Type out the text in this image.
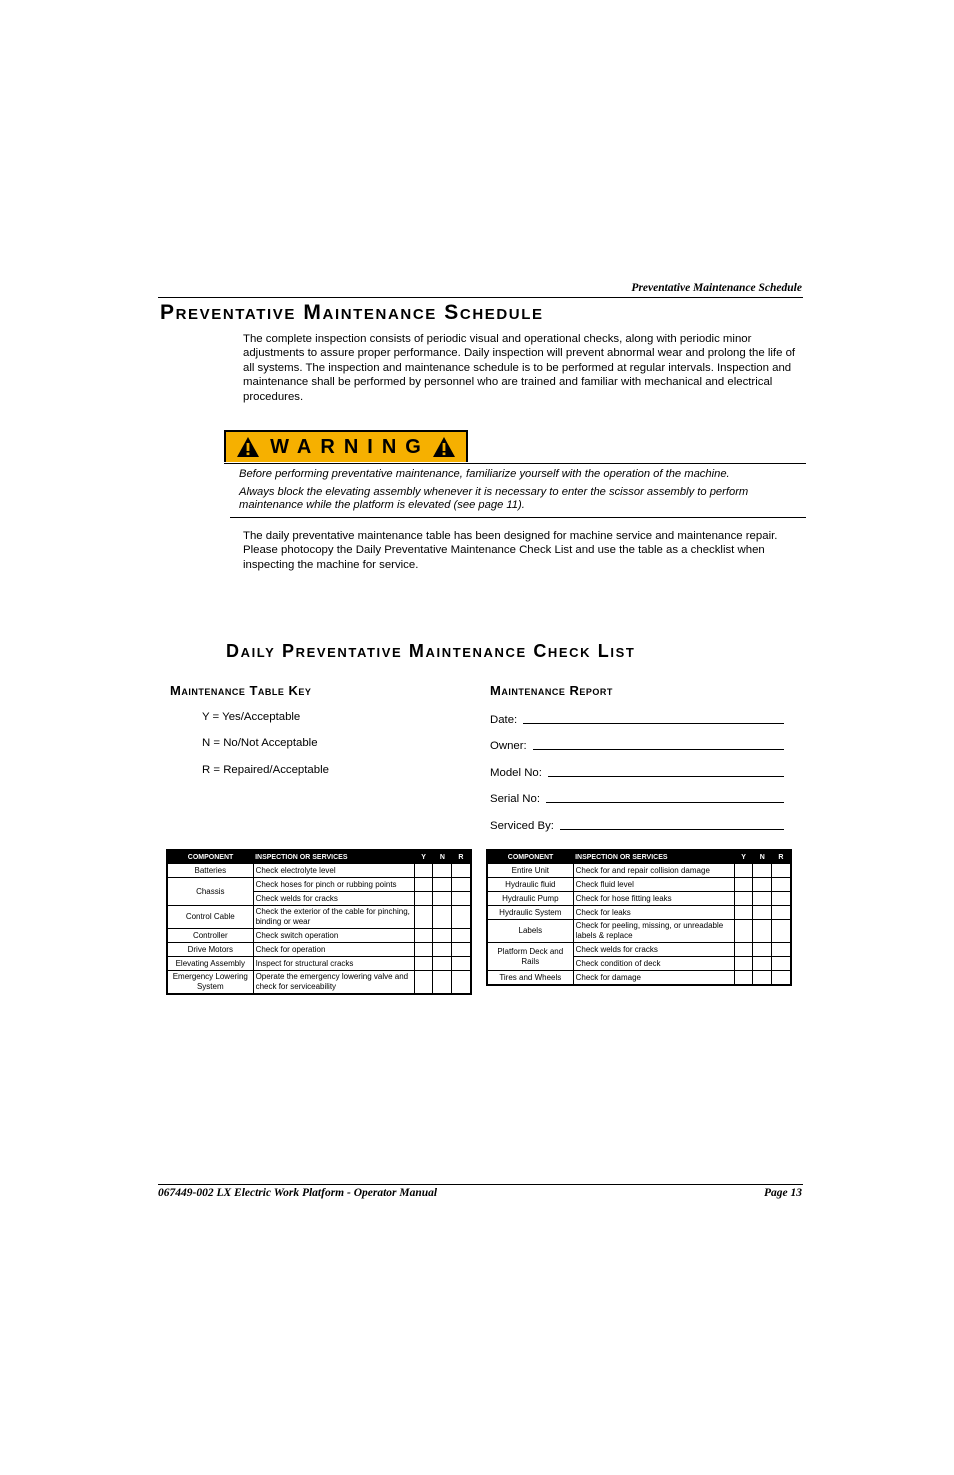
Preventative Maintenance Schedule
Preventative Maintenance Schedule
The complete inspection consists of periodic visual and operational checks, along with periodic minor adjustments to assure proper performance. Daily inspection will prevent abnormal wear and prolong the life of all systems. The inspection and maintenance schedule is to be performed at regular intervals. Inspection and maintenance shall be performed by personnel who are trained and familiar with mechanical and electrical procedures.
WARNING
Before performing preventative maintenance, familiarize yourself with the operation of the machine.
Always block the elevating assembly whenever it is necessary to enter the scissor assembly to perform maintenance while the platform is elevated (see page 11).
The daily preventative maintenance table has been designed for machine service and maintenance repair. Please photocopy the Daily Preventative Maintenance Check List and use the table as a checklist when inspecting the machine for service.
Daily Preventative Maintenance Check List
Maintenance Table Key
Y = Yes/Acceptable
N = No/Not Acceptable
R = Repaired/Acceptable
Maintenance Report
Date:
Owner:
Model No:
Serial No:
Serviced By:
COMPONENT	INSPECTION OR SERVICES	Y	N	R
Batteries	Check electrolyte level			
Chassis	Check hoses for pinch or rubbing points			
	Check welds for cracks			
Control Cable	Check the exterior of the cable for pinching, binding or wear			
Controller	Check switch operation			
Drive Motors	Check for operation			
Elevating Assembly	Inspect for structural cracks			
Emergency Lowering System	Operate the emergency lowering valve and check for serviceability			
COMPONENT	INSPECTION OR SERVICES	Y	N	R
Entire Unit	Check for and repair collision damage			
Hydraulic fluid	Check fluid level			
Hydraulic Pump	Check for hose fitting leaks			
Hydraulic System	Check for leaks			
Labels	Check for peeling, missing, or unreadable labels & replace			
Platform Deck and Rails	Check welds for cracks			
	Check condition of deck			
Tires and Wheels	Check for damage			
067449-002 LX Electric Work Platform - Operator Manual	Page 13
